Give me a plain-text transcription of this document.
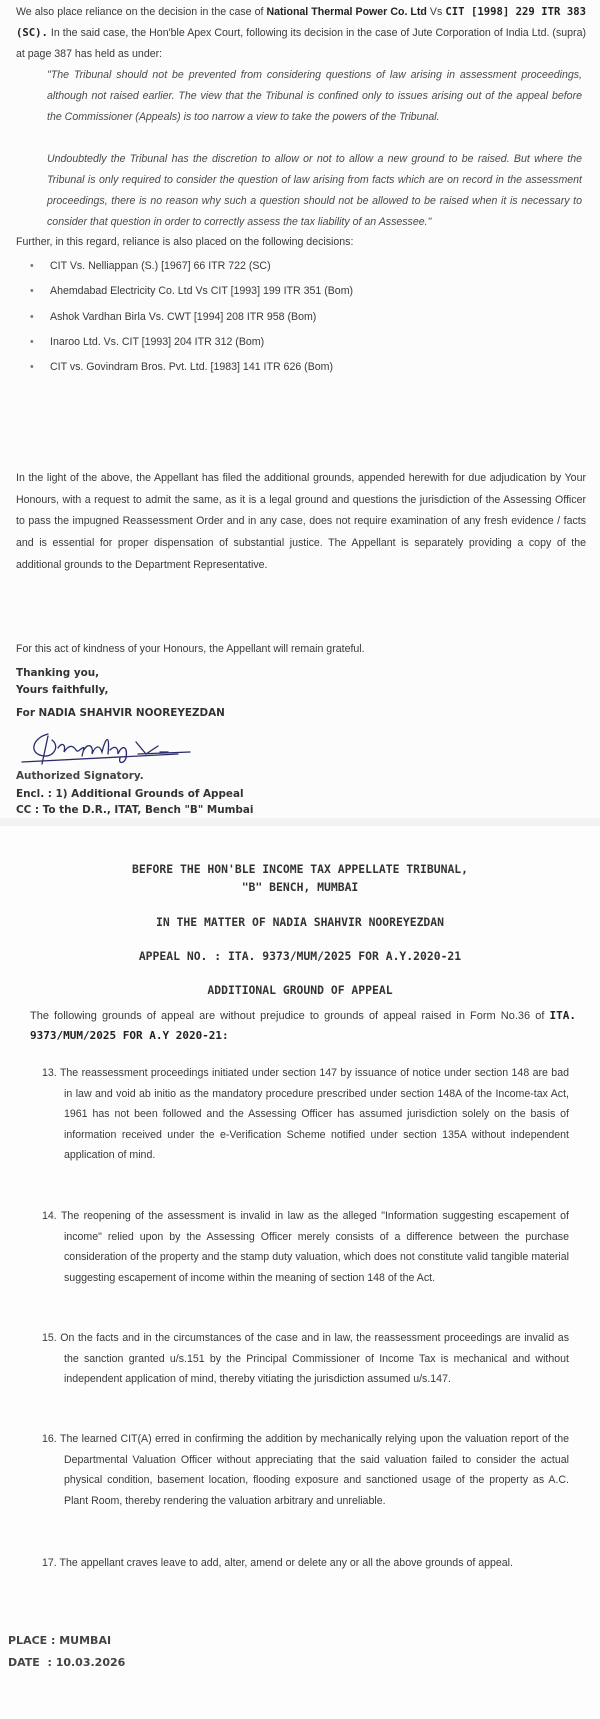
We also place reliance on the decision in the case of National Thermal Power Co. Ltd Vs CIT [1998] 229 ITR 383 (SC). In the said case, the Hon'ble Apex Court, following its decision in the case of Jute Corporation of India Ltd. (supra) at page 387 has held as under:

"The Tribunal should not be prevented from considering questions of law arising in assessment proceedings, although not raised earlier. The view that the Tribunal is confined only to issues arising out of the appeal before the Commissioner (Appeals) is too narrow a view to take the powers of the Tribunal.

Undoubtedly the Tribunal has the discretion to allow or not to allow a new ground to be raised. But where the Tribunal is only required to consider the question of law arising from facts which are on record in the assessment proceedings, there is no reason why such a question should not be allowed to be raised when it is necessary to consider that question in order to correctly assess the tax liability of an Assessee."

Further, in this regard, reliance is also placed on the following decisions:

• CIT Vs. Nelliappan (S.) [1967] 66 ITR 722 (SC)
• Ahemdabad Electricity Co. Ltd Vs CIT [1993] 199 ITR 351 (Bom)
• Ashok Vardhan Birla Vs. CWT [1994] 208 ITR 958 (Bom)
• Inaroo Ltd. Vs. CIT [1993] 204 ITR 312 (Bom)
• CIT vs. Govindram Bros. Pvt. Ltd. [1983] 141 ITR 626 (Bom)

In the light of the above, the Appellant has filed the additional grounds, appended herewith for due adjudication by Your Honours, with a request to admit the same, as it is a legal ground and questions the jurisdiction of the Assessing Officer to pass the impugned Reassessment Order and in any case, does not require examination of any fresh evidence / facts and is essential for proper dispensation of substantial justice. The Appellant is separately providing a copy of the additional grounds to the Department Representative.

For this act of kindness of your Honours, the Appellant will remain grateful.

Thanking you,

Yours faithfully,

For NADIA SHAHVIR NOOREYEZDAN

Authorized Signatory.

Encl. : 1) Additional Grounds of Appeal

CC : To the D.R., ITAT, Bench "B" Mumbai

BEFORE THE HON'BLE INCOME TAX APPELLATE TRIBUNAL,

"B" BENCH, MUMBAI

IN THE MATTER OF NADIA SHAHVIR NOOREYEZDAN

APPEAL NO. : ITA. 9373/MUM/2025 FOR A.Y.2020-21

ADDITIONAL GROUND OF APPEAL

The following grounds of appeal are without prejudice to grounds of appeal raised in Form No.36 of ITA. 9373/MUM/2025 FOR A.Y 2020-21:

13. The reassessment proceedings initiated under section 147 by issuance of notice under section 148 are bad in law and void ab initio as the mandatory procedure prescribed under section 148A of the Income-tax Act, 1961 has not been followed and the Assessing Officer has assumed jurisdiction solely on the basis of information received under the e-Verification Scheme notified under section 135A without independent application of mind.
14. The reopening of the assessment is invalid in law as the alleged "Information suggesting escapement of income" relied upon by the Assessing Officer merely consists of a difference between the purchase consideration of the property and the stamp duty valuation, which does not constitute valid tangible material suggesting escapement of income within the meaning of section 148 of the Act.
15. On the facts and in the circumstances of the case and in law, the reassessment proceedings are invalid as the sanction granted u/s.151 by the Principal Commissioner of Income Tax is mechanical and without independent application of mind, thereby vitiating the jurisdiction assumed u/s.147.
16. The learned CIT(A) erred in confirming the addition by mechanically relying upon the valuation report of the Departmental Valuation Officer without appreciating that the said valuation failed to consider the actual physical condition, basement location, flooding exposure and sanctioned usage of the property as A.C. Plant Room, thereby rendering the valuation arbitrary and unreliable.
17. The appellant craves leave to add, alter, amend or delete any or all the above grounds of appeal.

PLACE : MUMBAI

DATE  : 10.03.2026
